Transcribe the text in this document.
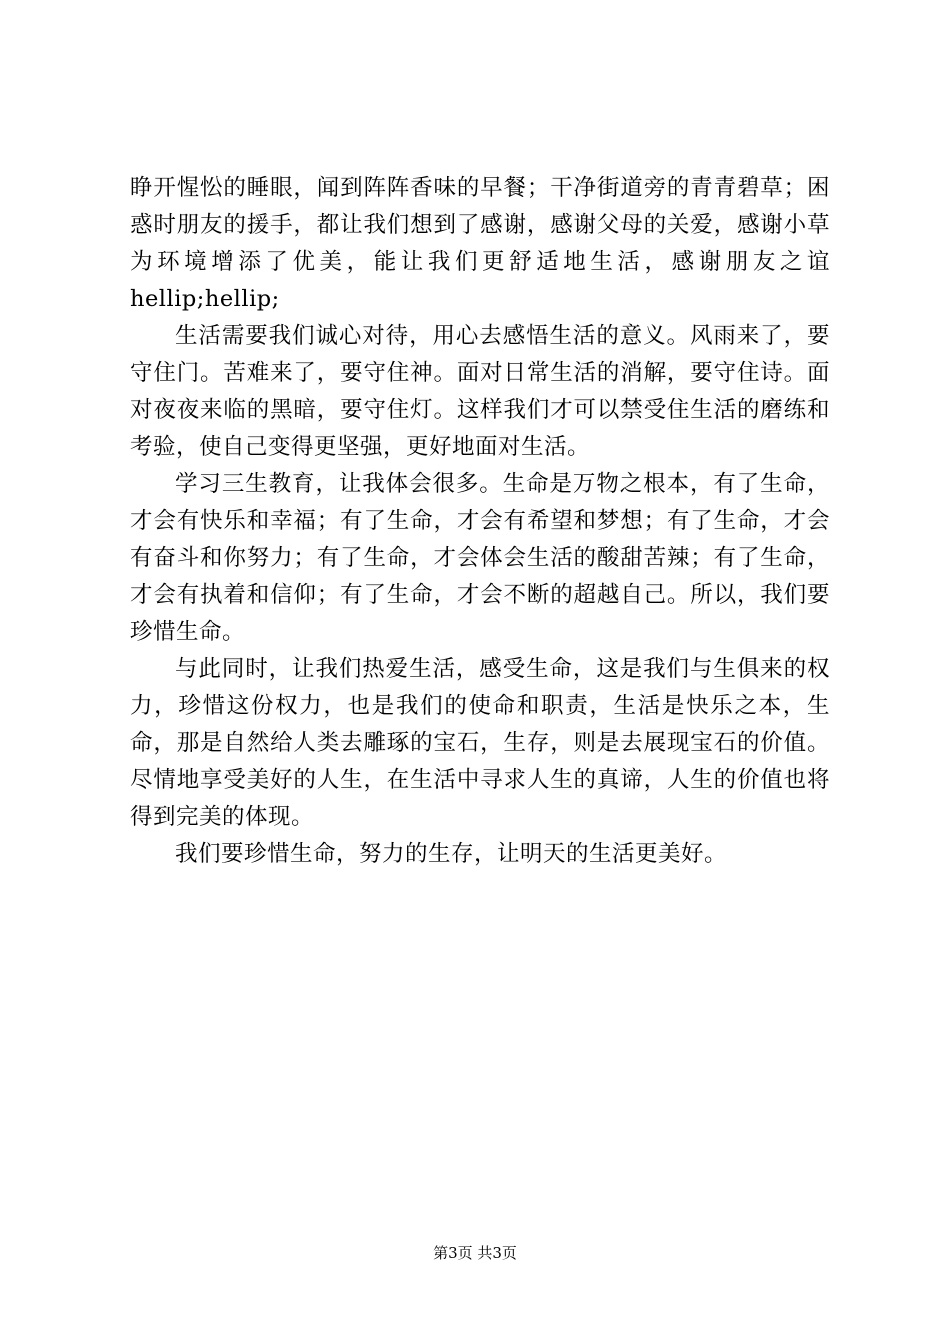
睁开惺忪的睡眼，闻到阵阵香味的早餐；干净街道旁的青青碧草；困惑时朋友的援手，都让我们想到了感谢，感谢父母的关爱，感谢小草为环境增添了优美，能让我们更舒适地生活，感谢朋友之谊hellip;hellip;

生活需要我们诚心对待，用心去感悟生活的意义。风雨来了，要守住门。苦难来了，要守住神。面对日常生活的消解，要守住诗。面对夜夜来临的黑暗，要守住灯。这样我们才可以禁受住生活的磨练和考验，使自己变得更坚强，更好地面对生活。

学习三生教育，让我体会很多。生命是万物之根本，有了生命，才会有快乐和幸福；有了生命，才会有希望和梦想；有了生命，才会有奋斗和你努力；有了生命，才会体会生活的酸甜苦辣；有了生命，才会有执着和信仰；有了生命，才会不断的超越自己。所以，我们要珍惜生命。

与此同时，让我们热爱生活，感受生命，这是我们与生俱来的权力，珍惜这份权力，也是我们的使命和职责，生活是快乐之本，生命，那是自然给人类去雕琢的宝石，生存，则是去展现宝石的价值。尽情地享受美好的人生，在生活中寻求人生的真谛，人生的价值也将得到完美的体现。

我们要珍惜生命，努力的生存，让明天的生活更美好。

第3页 共3页
